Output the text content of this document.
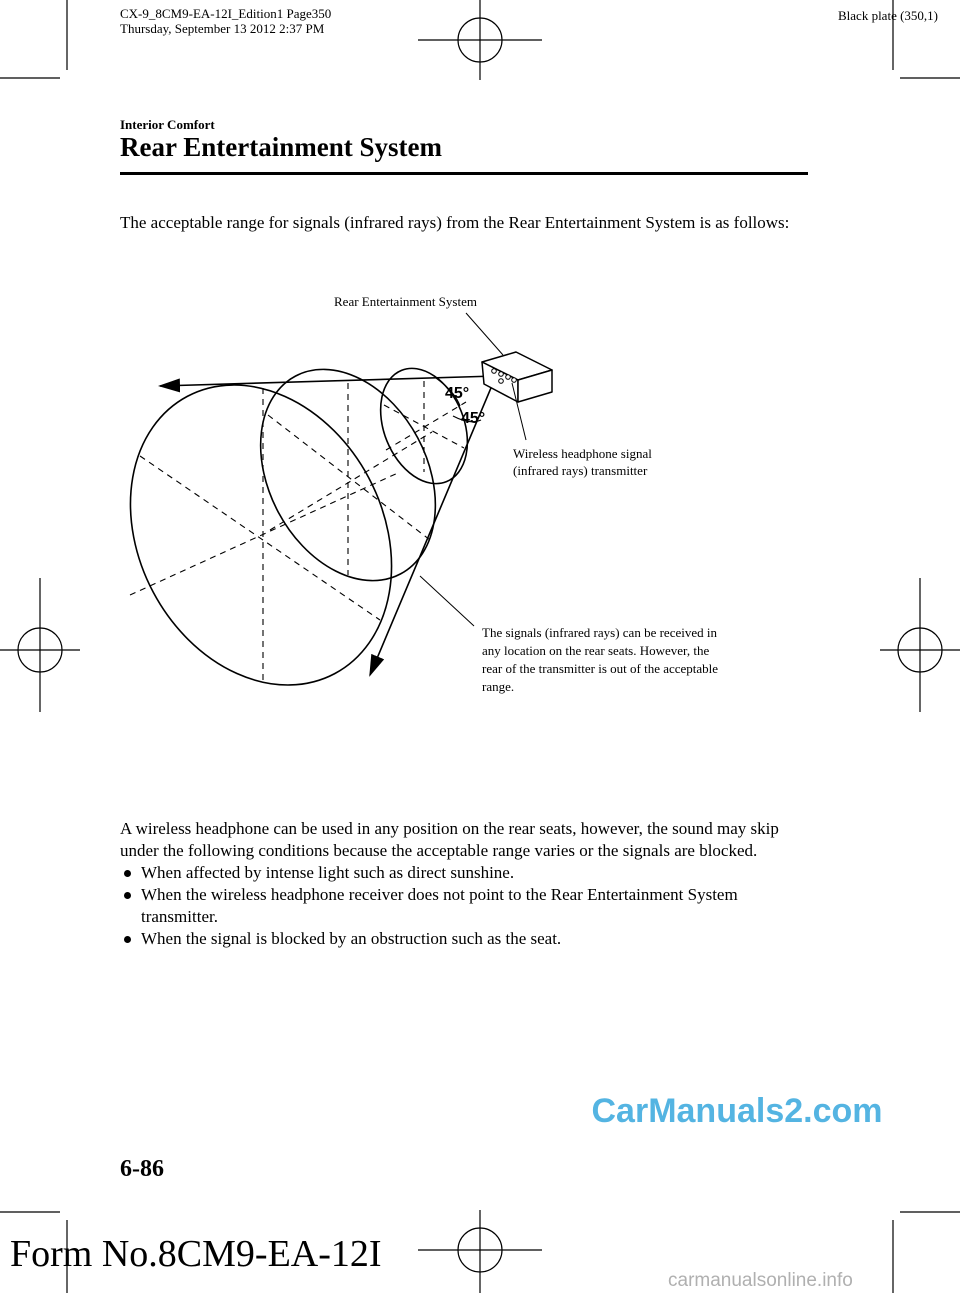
CX-9_8CM9-EA-12I_Edition1 Page350
Thursday, September 13 2012 2:37 PM
Black plate (350,1)
Interior Comfort
Rear Entertainment System
The acceptable range for signals (infrared rays) from the Rear Entertainment System is as follows:
45°
45°
Rear Entertainment System
Wireless headphone signal
(infrared rays) transmitter
The signals (infrared rays) can be received in
any location on the rear seats. However, the
rear of the transmitter is out of the acceptable
range.
A wireless headphone can be used in any position on the rear seats, however, the sound may skip under the following conditions because the acceptable range varies or the signals are blocked.
When affected by intense light such as direct sunshine.
When the wireless headphone receiver does not point to the Rear Entertainment System transmitter.
When the signal is blocked by an obstruction such as the seat.
CarManuals2.com
6-86
Form No.8CM9-EA-12I
carmanualsonline.info
